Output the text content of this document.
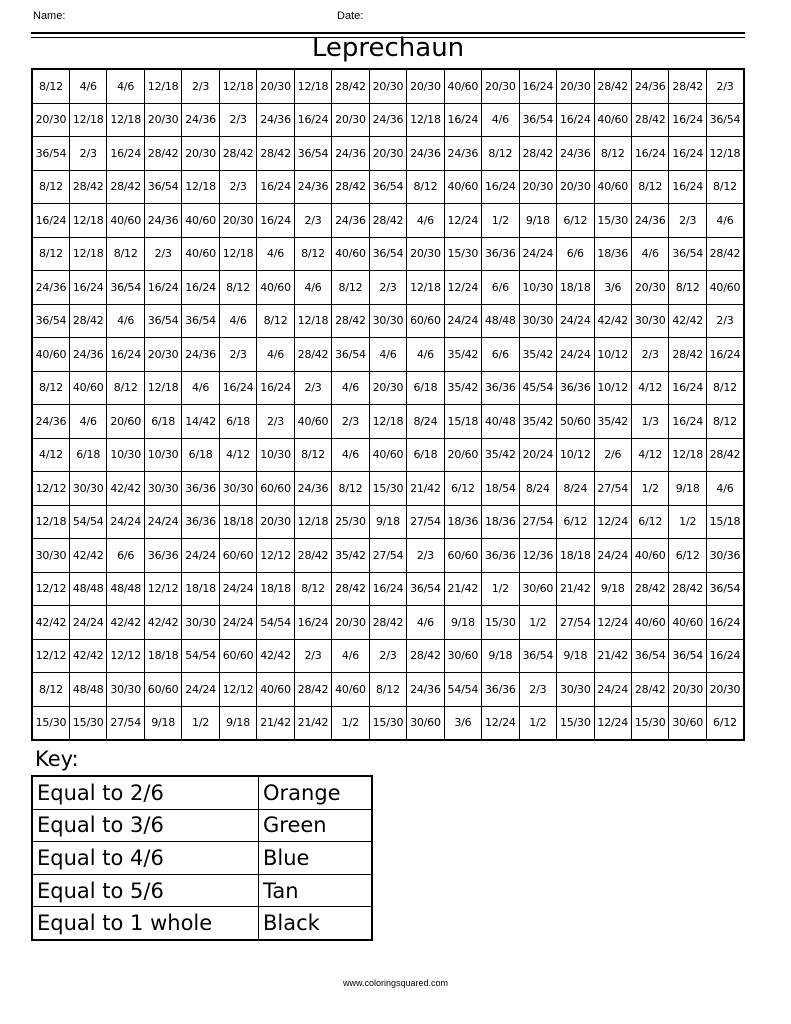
Name:	Date:
Leprechaun
8/12	4/6	4/6	12/18	2/3	12/18	20/30	12/18	28/42	20/30	20/30	40/60	20/30	16/24	20/30	28/42	24/36	28/42	2/3
20/30	12/18	12/18	20/30	24/36	2/3	24/36	16/24	20/30	24/36	12/18	16/24	4/6	36/54	16/24	40/60	28/42	16/24	36/54
36/54	2/3	16/24	28/42	20/30	28/42	28/42	36/54	24/36	20/30	24/36	24/36	8/12	28/42	24/36	8/12	16/24	16/24	12/18
8/12	28/42	28/42	36/54	12/18	2/3	16/24	24/36	28/42	36/54	8/12	40/60	16/24	20/30	20/30	40/60	8/12	16/24	8/12
16/24	12/18	40/60	24/36	40/60	20/30	16/24	2/3	24/36	28/42	4/6	12/24	1/2	9/18	6/12	15/30	24/36	2/3	4/6
8/12	12/18	8/12	2/3	40/60	12/18	4/6	8/12	40/60	36/54	20/30	15/30	36/36	24/24	6/6	18/36	4/6	36/54	28/42
24/36	16/24	36/54	16/24	16/24	8/12	40/60	4/6	8/12	2/3	12/18	12/24	6/6	10/30	18/18	3/6	20/30	8/12	40/60
36/54	28/42	4/6	36/54	36/54	4/6	8/12	12/18	28/42	30/30	60/60	24/24	48/48	30/30	24/24	42/42	30/30	42/42	2/3
40/60	24/36	16/24	20/30	24/36	2/3	4/6	28/42	36/54	4/6	4/6	35/42	6/6	35/42	24/24	10/12	2/3	28/42	16/24
8/12	40/60	8/12	12/18	4/6	16/24	16/24	2/3	4/6	20/30	6/18	35/42	36/36	45/54	36/36	10/12	4/12	16/24	8/12
24/36	4/6	20/60	6/18	14/42	6/18	2/3	40/60	2/3	12/18	8/24	15/18	40/48	35/42	50/60	35/42	1/3	16/24	8/12
4/12	6/18	10/30	10/30	6/18	4/12	10/30	8/12	4/6	40/60	6/18	20/60	35/42	20/24	10/12	2/6	4/12	12/18	28/42
12/12	30/30	42/42	30/30	36/36	30/30	60/60	24/36	8/12	15/30	21/42	6/12	18/54	8/24	8/24	27/54	1/2	9/18	4/6
12/18	54/54	24/24	24/24	36/36	18/18	20/30	12/18	25/30	9/18	27/54	18/36	18/36	27/54	6/12	12/24	6/12	1/2	15/18
30/30	42/42	6/6	36/36	24/24	60/60	12/12	28/42	35/42	27/54	2/3	60/60	36/36	12/36	18/18	24/24	40/60	6/12	30/36
12/12	48/48	48/48	12/12	18/18	24/24	18/18	8/12	28/42	16/24	36/54	21/42	1/2	30/60	21/42	9/18	28/42	28/42	36/54
42/42	24/24	42/42	42/42	30/30	24/24	54/54	16/24	20/30	28/42	4/6	9/18	15/30	1/2	27/54	12/24	40/60	40/60	16/24
12/12	42/42	12/12	18/18	54/54	60/60	42/42	2/3	4/6	2/3	28/42	30/60	9/18	36/54	9/18	21/42	36/54	36/54	16/24
8/12	48/48	30/30	60/60	24/24	12/12	40/60	28/42	40/60	8/12	24/36	54/54	36/36	2/3	30/30	24/24	28/42	20/30	20/30
15/30	15/30	27/54	9/18	1/2	9/18	21/42	21/42	1/2	15/30	30/60	3/6	12/24	1/2	15/30	12/24	15/30	30/60	6/12
Key:
Equal to 2/6	Orange
Equal to 3/6	Green
Equal to 4/6	Blue
Equal to 5/6	Tan
Equal to 1 whole	Black
www.coloringsquared.com
